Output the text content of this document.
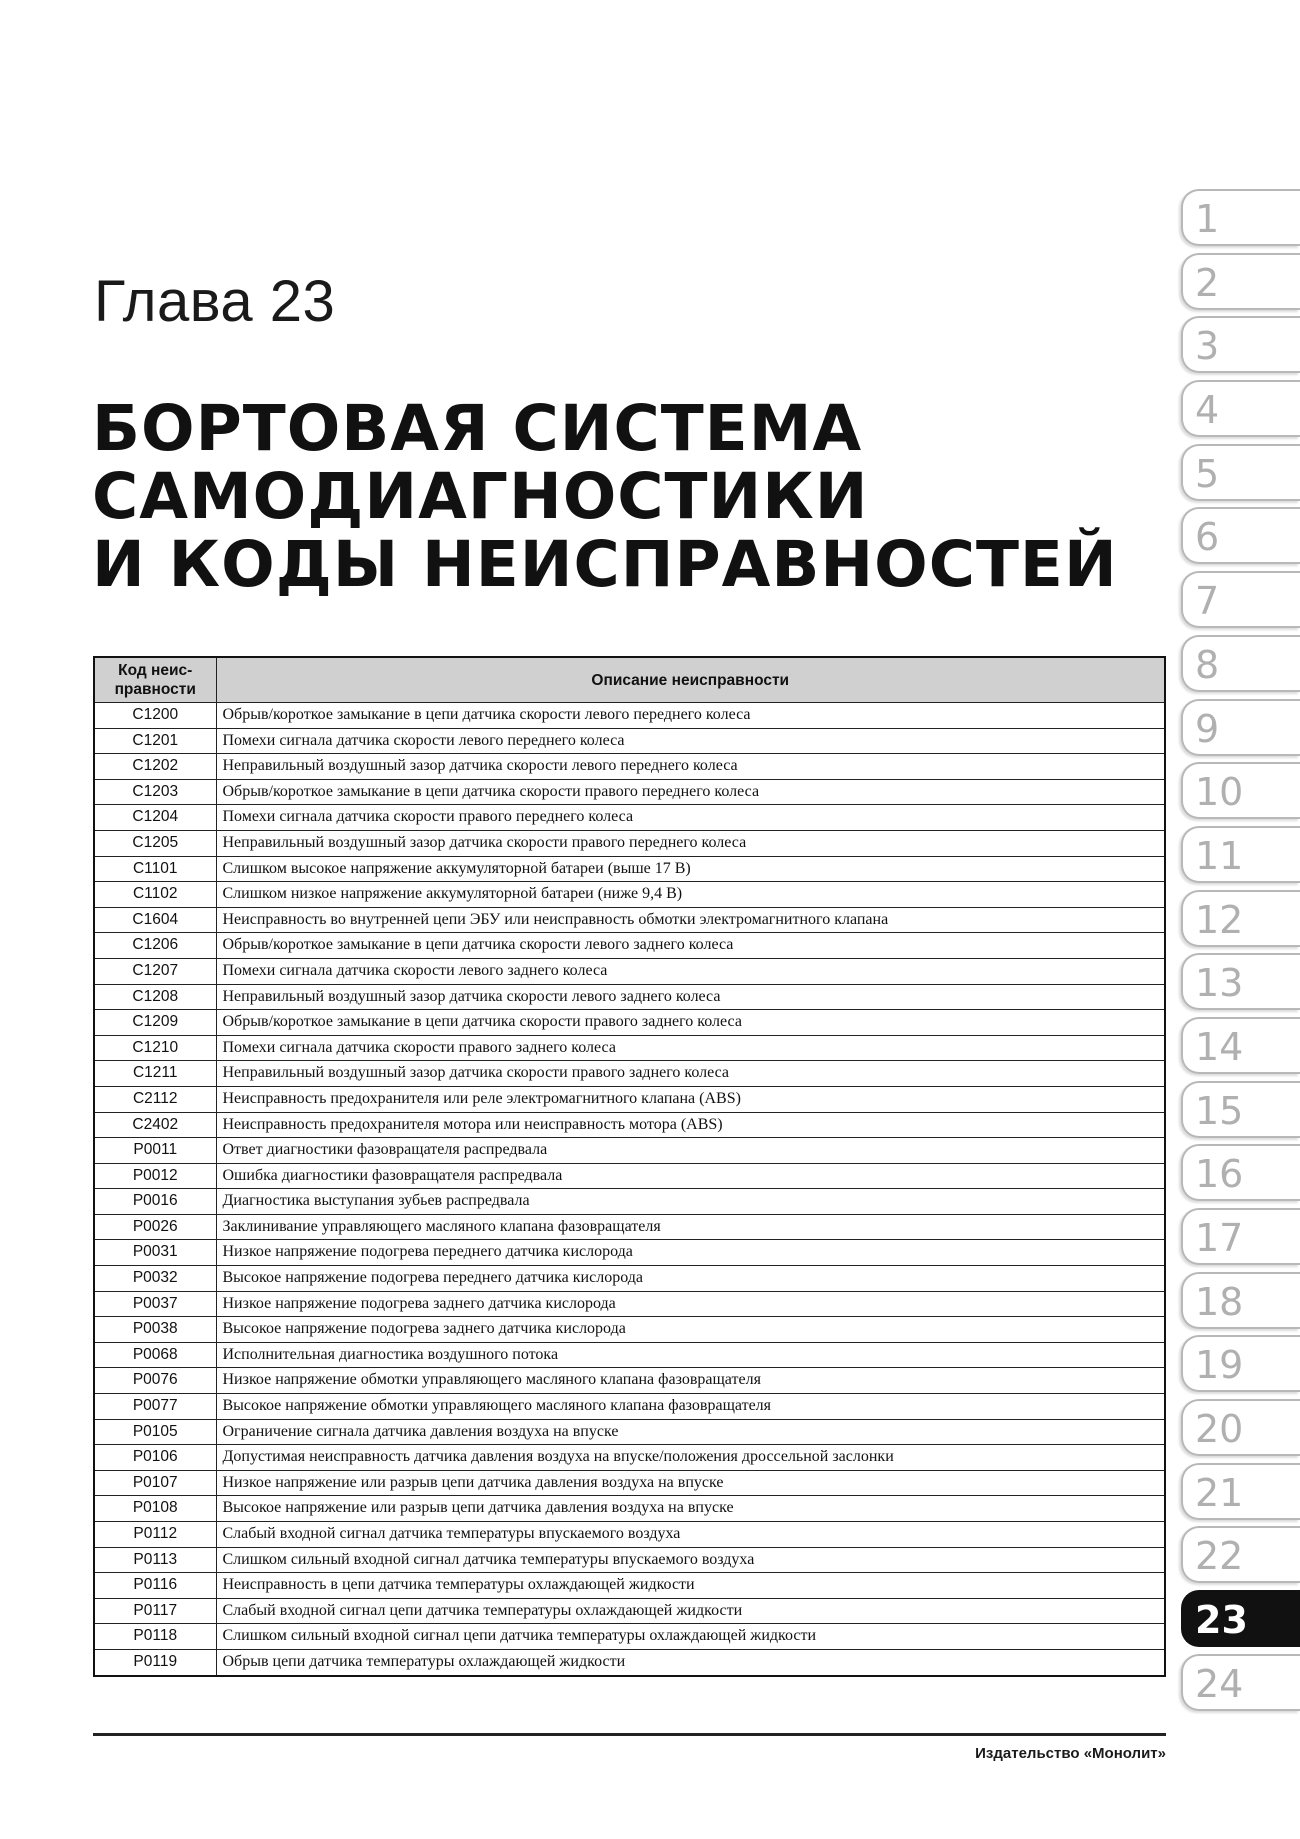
Глава 23
БОРТОВАЯ СИСТЕМА
САМОДИАГНОСТИКИ
И КОДЫ НЕИСПРАВНОСТЕЙ
Код неис-
правности	Описание неисправности
C1200	Обрыв/короткое замыкание в цепи датчика скорости левого переднего колеса
C1201	Помехи сигнала датчика скорости левого переднего колеса
C1202	Неправильный воздушный зазор датчика скорости левого переднего колеса
C1203	Обрыв/короткое замыкание в цепи датчика скорости правого переднего колеса
C1204	Помехи сигнала датчика скорости правого переднего колеса
C1205	Неправильный воздушный зазор датчика скорости правого переднего колеса
C1101	Слишком высокое напряжение аккумуляторной батареи (выше 17 В)
C1102	Слишком низкое напряжение аккумуляторной батареи (ниже 9,4 В)
C1604	Неисправность во внутренней цепи ЭБУ или неисправность обмотки электромагнитного клапана
C1206	Обрыв/короткое замыкание в цепи датчика скорости левого заднего колеса
C1207	Помехи сигнала датчика скорости левого заднего колеса
C1208	Неправильный воздушный зазор датчика скорости левого заднего колеса
C1209	Обрыв/короткое замыкание в цепи датчика скорости правого заднего колеса
C1210	Помехи сигнала датчика скорости правого заднего колеса
C1211	Неправильный воздушный зазор датчика скорости правого заднего колеса
C2112	Неисправность предохранителя или реле электромагнитного клапана (ABS)
C2402	Неисправность предохранителя мотора или неисправность мотора (ABS)
P0011	Ответ диагностики фазовращателя распредвала
P0012	Ошибка диагностики фазовращателя распредвала
P0016	Диагностика выступания зубьев распредвала
P0026	Заклинивание управляющего масляного клапана фазовращателя
P0031	Низкое напряжение подогрева переднего датчика кислорода
P0032	Высокое напряжение подогрева переднего датчика кислорода
P0037	Низкое напряжение подогрева заднего датчика кислорода
P0038	Высокое напряжение подогрева заднего датчика кислорода
P0068	Исполнительная диагностика воздушного потока
P0076	Низкое напряжение обмотки управляющего масляного клапана фазовращателя
P0077	Высокое напряжение обмотки управляющего масляного клапана фазовращателя
P0105	Ограничение сигнала датчика давления воздуха на впуске
P0106	Допустимая неисправность датчика давления воздуха на впуске/положения дроссельной заслонки
P0107	Низкое напряжение или разрыв цепи датчика давления воздуха на впуске
P0108	Высокое напряжение или разрыв цепи датчика давления воздуха на впуске
P0112	Слабый входной сигнал датчика температуры впускаемого воздуха
P0113	Слишком сильный входной сигнал датчика температуры впускаемого воздуха
P0116	Неисправность в цепи датчика температуры охлаждающей жидкости
P0117	Слабый входной сигнал цепи датчика температуры охлаждающей жидкости
P0118	Слишком сильный входной сигнал цепи датчика температуры охлаждающей жидкости
P0119	Обрыв цепи датчика температуры охлаждающей жидкости
Издательство «Монолит»
1
2
3
4
5
6
7
8
9
10
11
12
13
14
15
16
17
18
19
20
21
22
23
24
